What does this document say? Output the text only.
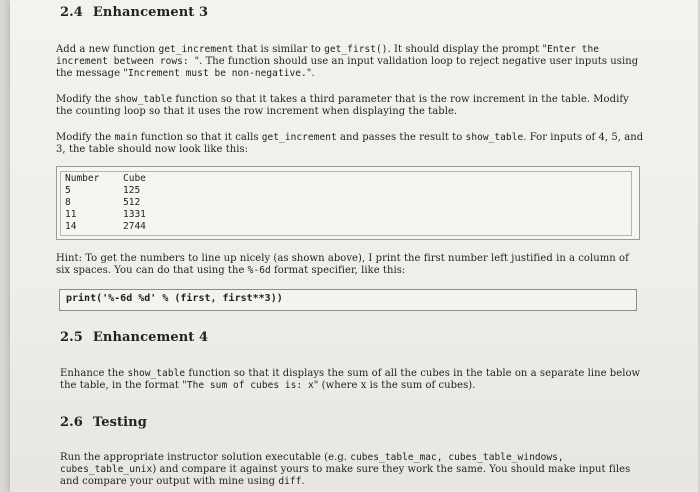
2.4 Enhancement 3
Add a new function get_increment that is similar to get_first(). It should display the prompt "Enter the increment between rows: ". The function should use an input validation loop to reject negative user inputs using the message "Increment must be non-negative.".
Modify the show_table function so that it takes a third parameter that is the row increment in the table. Modify the counting loop so that it uses the row increment when displaying the table.
Modify the main function so that it calls get_increment and passes the result to show_table. For inputs of 4, 5, and 3, the table should now look like this:
Number	Cube
5	125
8	512
11	1331
14	2744
Hint: To get the numbers to line up nicely (as shown above), I print the first number left justified in a column of six spaces. You can do that using the %-6d format specifier, like this:
print('%-6d %d' % (first, first**3))
2.5 Enhancement 4
Enhance the show_table function so that it displays the sum of all the cubes in the table on a separate line below the table, in the format "The sum of cubes is: x" (where x is the sum of cubes).
2.6 Testing
Run the appropriate instructor solution executable (e.g. cubes_table_mac, cubes_table_windows, cubes_table_unix) and compare it against yours to make sure they work the same. You should make input files and compare your output with mine using diff.
